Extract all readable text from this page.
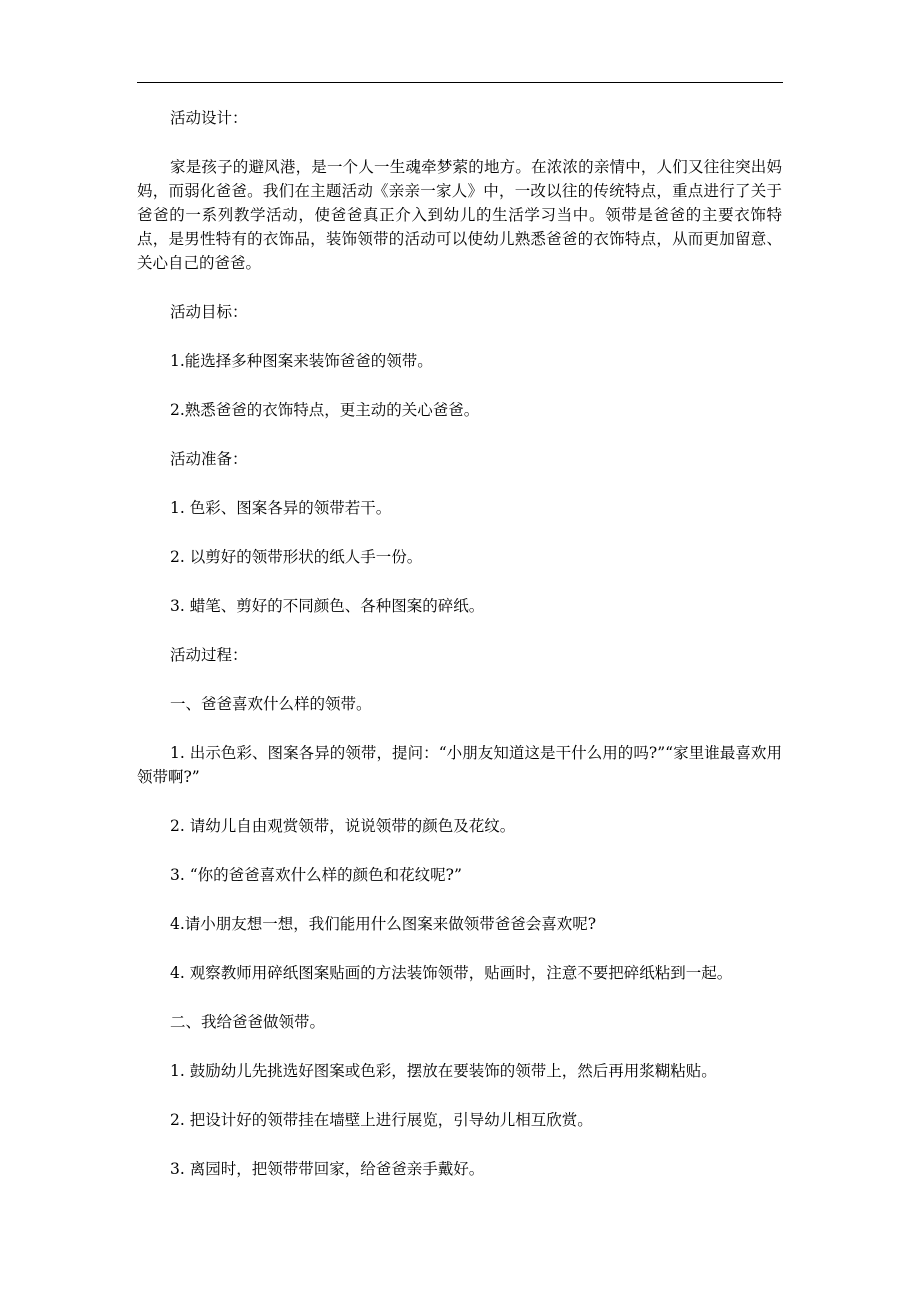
活动设计：

家是孩子的避风港，是一个人一生魂牵梦萦的地方。在浓浓的亲情中，人们又往往突出妈妈，而弱化爸爸。我们在主题活动《亲亲一家人》中，一改以往的传统特点，重点进行了关于爸爸的一系列教学活动，使爸爸真正介入到幼儿的生活学习当中。领带是爸爸的主要衣饰特点，是男性特有的衣饰品，装饰领带的活动可以使幼儿熟悉爸爸的衣饰特点，从而更加留意、关心自己的爸爸。

活动目标：

1.能选择多种图案来装饰爸爸的领带。

2.熟悉爸爸的衣饰特点，更主动的关心爸爸。

活动准备：

1. 色彩、图案各异的领带若干。

2. 以剪好的领带形状的纸人手一份。

3. 蜡笔、剪好的不同颜色、各种图案的碎纸。

活动过程：

一、爸爸喜欢什么样的领带。

1. 出示色彩、图案各异的领带，提问：“小朋友知道这是干什么用的吗?”“家里谁最喜欢用领带啊?”

2. 请幼儿自由观赏领带，说说领带的颜色及花纹。

3. “你的爸爸喜欢什么样的颜色和花纹呢?”

4.请小朋友想一想，我们能用什么图案来做领带爸爸会喜欢呢?

4. 观察教师用碎纸图案贴画的方法装饰领带，贴画时，注意不要把碎纸粘到一起。

二、我给爸爸做领带。

1. 鼓励幼儿先挑选好图案或色彩，摆放在要装饰的领带上，然后再用浆糊粘贴。

2. 把设计好的领带挂在墙壁上进行展览，引导幼儿相互欣赏。

3. 离园时，把领带带回家，给爸爸亲手戴好。
